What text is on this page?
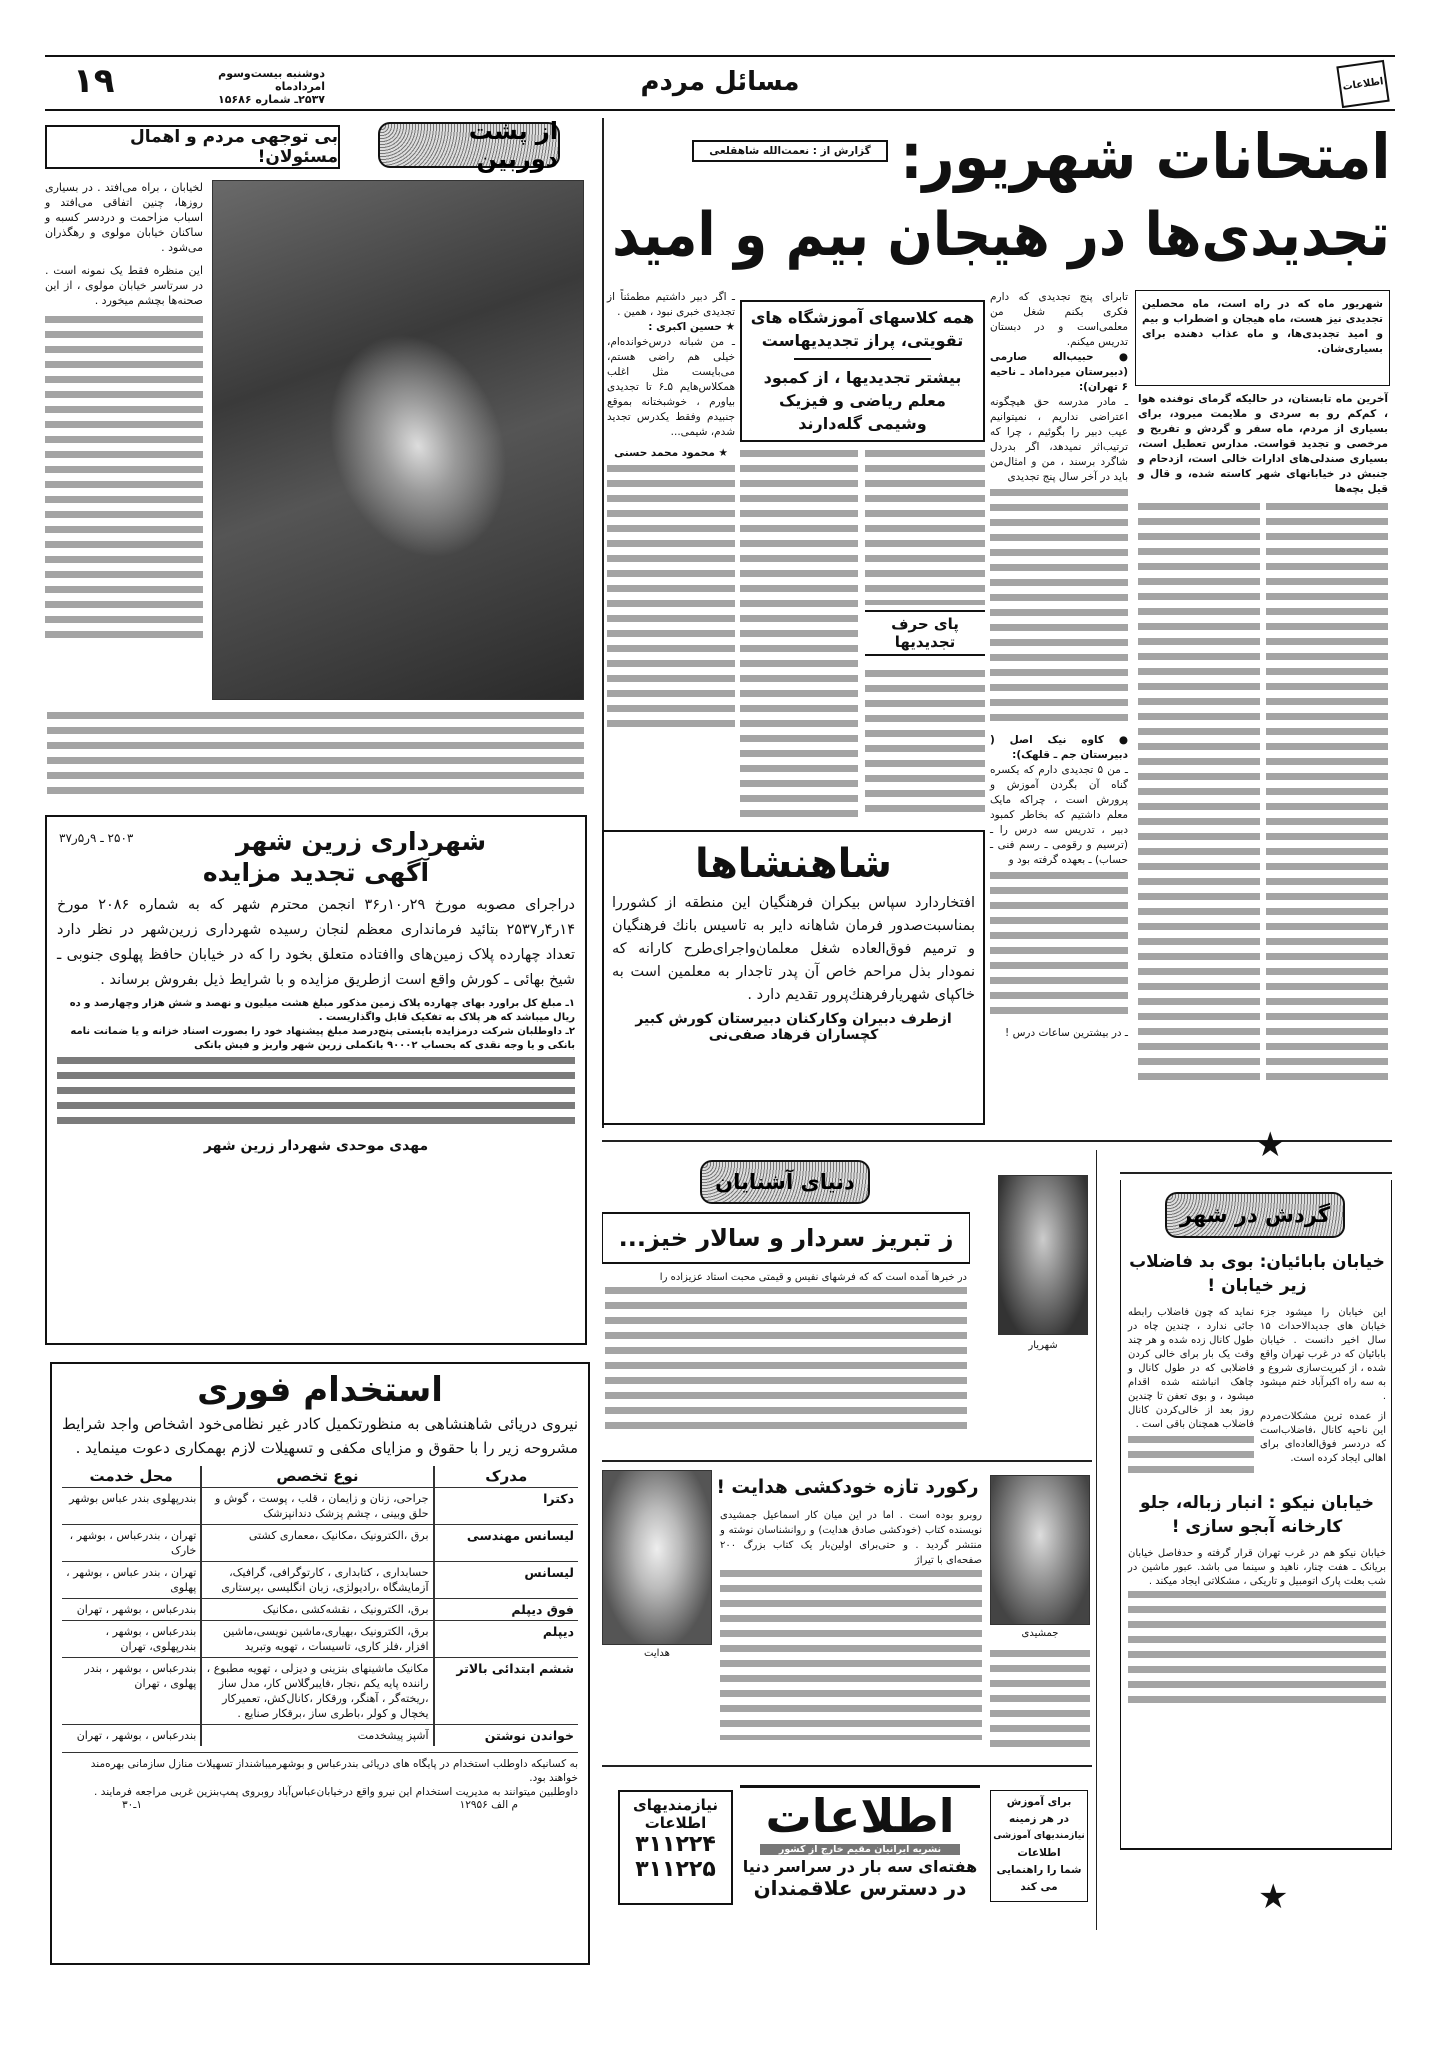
اطلاعات
مسائل مردم
دوشنبه بیست‌وسوم امردادماه
۲۵۳۷ـ شماره ۱۵۶۸۶
۱۹
از پشت دوربین
بی توجهی مردم و اهمال مسئولان!

لخیابان ، براه می‌افتد . در بسیاری روزها، چنین اتفاقی می‌افتد و اسباب مزاحمت و دردسر کسبه و ساکنان خیابان مولوی و رهگذران می‌شود .

این منظره فقط یک نمونه است . در سرتاسر خیابان مولوی ، از این صحنه‌ها بچشم میخورد .

۲۵۰۳ ـ ۹ر۵ر۳۷	شهرداری زرین شهر
آگهی تجدید مزایده

دراجرای مصوبه مورخ ۲۹ر۱۰ر۳۶ انجمن محترم شهر که به شماره ۲۰۸۶ مورخ ۱۴ر۴ر۲۵۳۷ بتائید فرمانداری معظم لنجان رسیده شهرداری زرین‌شهر در نظر دارد تعداد چهارده پلاک زمین‌های واافتاده متعلق بخود را که در خیابان حافظ پهلوی جنوبی ـ شیخ بهائی ـ کورش واقع است ازطریق مزایده و با شرایط ذیل بفروش برساند .

۱ـ مبلغ کل براورد بهای چهارده پلاک زمین مذکور مبلغ هشت میلیون و نهصد و شش هزار وچهارصد و ده ریال میباشد که هر پلاک به تفکیک قابل واگذاریست .

۲ـ داوطلبان شرکت درمزایده بایستی پنج‌درصد مبلغ پیشنهاد خود را بصورت اسناد خزانه و یا ضمانت نامه بانکی و یا وجه نقدی که بحساب ۹۰۰۰۲ بانکملی زرین شهر واریز و فیش بانکی

مهدی موحدی شهردار زرین شهر
استخدام فوری

نیروی دریائی شاهنشاهی به منظورتکمیل کادر غیر نظامی‌خود اشخاص واجد شرایط مشروحه زیر را با حقوق و مزایای مکفی و تسهیلات لازم بهمکاری دعوت مینماید .

مدرک	نوع تخصص	محل خدمت
دکترا	جراحی، زنان و زایمان ، قلب ، پوست ، گوش و حلق وبینی ، چشم پزشک دندانپزشک	بندرپهلوی بندر عباس بوشهر
لیسانس مهندسی	برق ،الکترونیک ،مکانیک ،معماری کشتی	تهران ، بندرعباس ، بوشهر ، خارک
لیسانس	حسابداری ، کتابداری ، کارتوگرافی، گرافیک، آزمایشگاه ،رادیولژی، زبان انگلیسی ،پرستاری	تهران ، بندر عباس ، بوشهر ، پهلوی
فوق دیپلم	برق، الکترونیک ، نقشه‌کشی ،مکانیک	بندرعباس ، بوشهر ، تهران
دیپلم	برق، الکترونیک ،بهیاری،ماشین نویسی،ماشین افزار ،فلز کاری، تاسیسات ، تهویه وتبرید	بندرعباس ، بوشهر ، بندرپهلوی، تهران
ششم ابتدائی بالاتر	مکانیک ماشینهای بنزینی و دیزلی ، تهویه مطبوع ، راننده پایه یکم ،نجار ،فایبرگلاس کار، مدل ساز ،ریخته‌گر ، آهنگر، ورقکار ،کانال‌کش، تعمیرکار یخچال و کولر ،باطری ساز ،برقکار صنایع .	بندرعباس ، بوشهر ، بندر پهلوی ، تهران
خواندن نوشتن	آشپز پیشخدمت	بندرعباس ، بوشهر ، تهران

به کسانیکه داوطلب استخدام در پایگاه های دریائی بندرعباس و بوشهرمیباشنداز تسهیلات منازل سازمانی بهره‌مند خواهند بود.

داوطلبین میتوانند به مدیریت استخدام این نیرو واقع درخیابان‌عباس‌آباد روبروی پمپ‌بنزین غربی مراجعه فرمایند .

م الف ۱۲۹۵۶
۱ـ۳۰
امتحانات شهریور:
تجدیدی‌ها در هیجان بیم و امید
گزارش از : نعمت‌الله شاهقلعی

شهریور ماه که در راه است، ماه محصلین تجدیدی نیز هست، ماه هیجان و اضطراب و بیم و امید تجدیدی‌ها، و ماه عذاب دهنده برای بسیاری‌شان.

آخرین ماه تابستان، در حالیکه گرمای توفنده هوا ، کم‌کم رو به سردی و ملایمت میرود، برای بسیاری از مردم، ماه سفر و گردش و تفریح و مرخصی و تجدید قواست. مدارس تعطیل است، بسیاری صندلی‌های ادارات خالی است، ازدحام و جنبش در خیابانهای شهر کاسته شده، و قال و قیل بچه‌ها

تابرای پنج تجدیدی که دارم فکری بکنم شغل من معلمی‌است و در دبستان تدریس میکنم.

● حبیب‌اله صارمی (دبیرستان میرداماد ـ ناحیه ۶ تهران):

ـ مادر مدرسه حق هیچگونه اعتراضی نداریم ، نمیتوانیم عیب دبیر را بگوئیم ، چرا که ترتیب‌اثر نمیدهد، اگر بدردل شاگرد برسند ، من و امثال‌من باید در آخر سال پنج تجدیدی

● کاوه نیک اصل ( دبیرستان جم ـ قلهک):

ـ من ۵ تجدیدی دارم که یکسره گناه آن بگردن آموزش و پرورش است ، چراکه مایک معلم داشتیم که بخاطر کمبود دبیر ، تدریس سه درس را ـ (ترسیم و رقومی ـ رسم فنی ـ حساب) ـ بعهده گرفته بود و

ـ در بیشترین ساعات درس !

همه کلاسهای آموزشگاه های تقویتی، پراز تجدیدیهاست

بیشتر تجدیدیها ، از کمبود معلم ریاضی و فیزیک وشیمی گله‌دارند

پای حرف تجدیدیها

ـ اگر دبیر داشتیم مطمئناً از تجدیدی خبری نبود ، همین .

★ حسین اکبری :

ـ من شبانه درس‌خوانده‌ام، خیلی هم راضی هستم، می‌بایست مثل اغلب همکلاس‌هایم ۵ـ۶ تا تجدیدی بیاورم ، خوشبختانه بموقع جنبیدم وفقط یکدرس تجدید شدم، شیمی...

★ محمود محمد حسنی

شاهنشاها

افتخاردارد سپاس بیکران فرهنگیان این منطقه از کشوررا بمناسبت‌صدور فرمان شاهانه دایر به تاسیس بانك فرهنگیان و ترمیم فوق‌العاده شغل معلمان‌واجرای‌طرح کارانه که نمودار بذل مراحم خاص آن پدر تاجدار به معلمین است به خاکپای شهریارفرهنك‌پرور تقدیم دارد .

ازطرف دبیران وکارکنان دبیرستان کورش کبیر

کچساران فرهاد صفی‌نی

دنیای آشنایان
ز تبریز سردار و سالار خیز...
شهریار

در خبرها آمده است که که فرشهای نفیس و قیمتی محبت استاد عزیزاده را

هدایت
رکورد تازه خودکشی هدایت !

روبرو بوده است . اما در این میان کار اسماعیل جمشیدی نویسنده کتاب (خودکشی صادق هدایت) و روانشناسان نوشته و منتشر گردید . و حتی‌برای اولین‌بار یک کتاب بزرگ ۲۰۰ صفحه‌ای با تیراژ

جمشیدی
نیازمندیهای
اطلاعات
۳۱۱۲۲۴
۳۱۱۲۲۵
اطلاعات
نشریه ایرانیان مقیم خارج از کشور
هفته‌ای سه بار در سراسر دنیا
در دسترس علاقمندان
برای آموزش
در هر زمینه
نیازمندیهای آموزشی
اطلاعات
شما را راهنمایی
می کند
★
گردش در شهر
خیابان بابائیان: بوی بد فاضلاب زیر خیابان !

این خیابان را میشود جزء خیابان های جدیدالاحداث ۱۵ سال اخیر دانست . خیابان بابائیان که در غرب تهران واقع شده ، از کبریت‌سازی شروع و به سه راه اکبرآباد ختم میشود .

از عمده ترین مشکلات‌مردم این ناحیه کانال ،فاضلاب‌است که دردسر فوق‌العاده‌ای برای اهالی ایجاد کرده است.

نماید که چون فاضلاب رابطه جائی ندارد ، چندین چاه در طول کانال زده شده و هر چند وقت یک بار برای خالی کردن فاضلابی که در طول کانال و چاهک انباشته شده اقدام میشود ، و بوی تعفن تا چندین روز بعد از خالی‌کردن کانال فاضلاب همچنان باقی است .

خیابان نیکو : انبار زباله، جلو کارخانه آبجو سازی !

خیابان نیکو هم در غرب تهران قرار گرفته و حدفاصل خیابان بریانک ـ هفت چنار، ناهید و سینما می باشد. عبور ماشین در شب بعلت پارک اتومبیل و تاریکی ، مشکلاتی ایجاد میکند .

★
